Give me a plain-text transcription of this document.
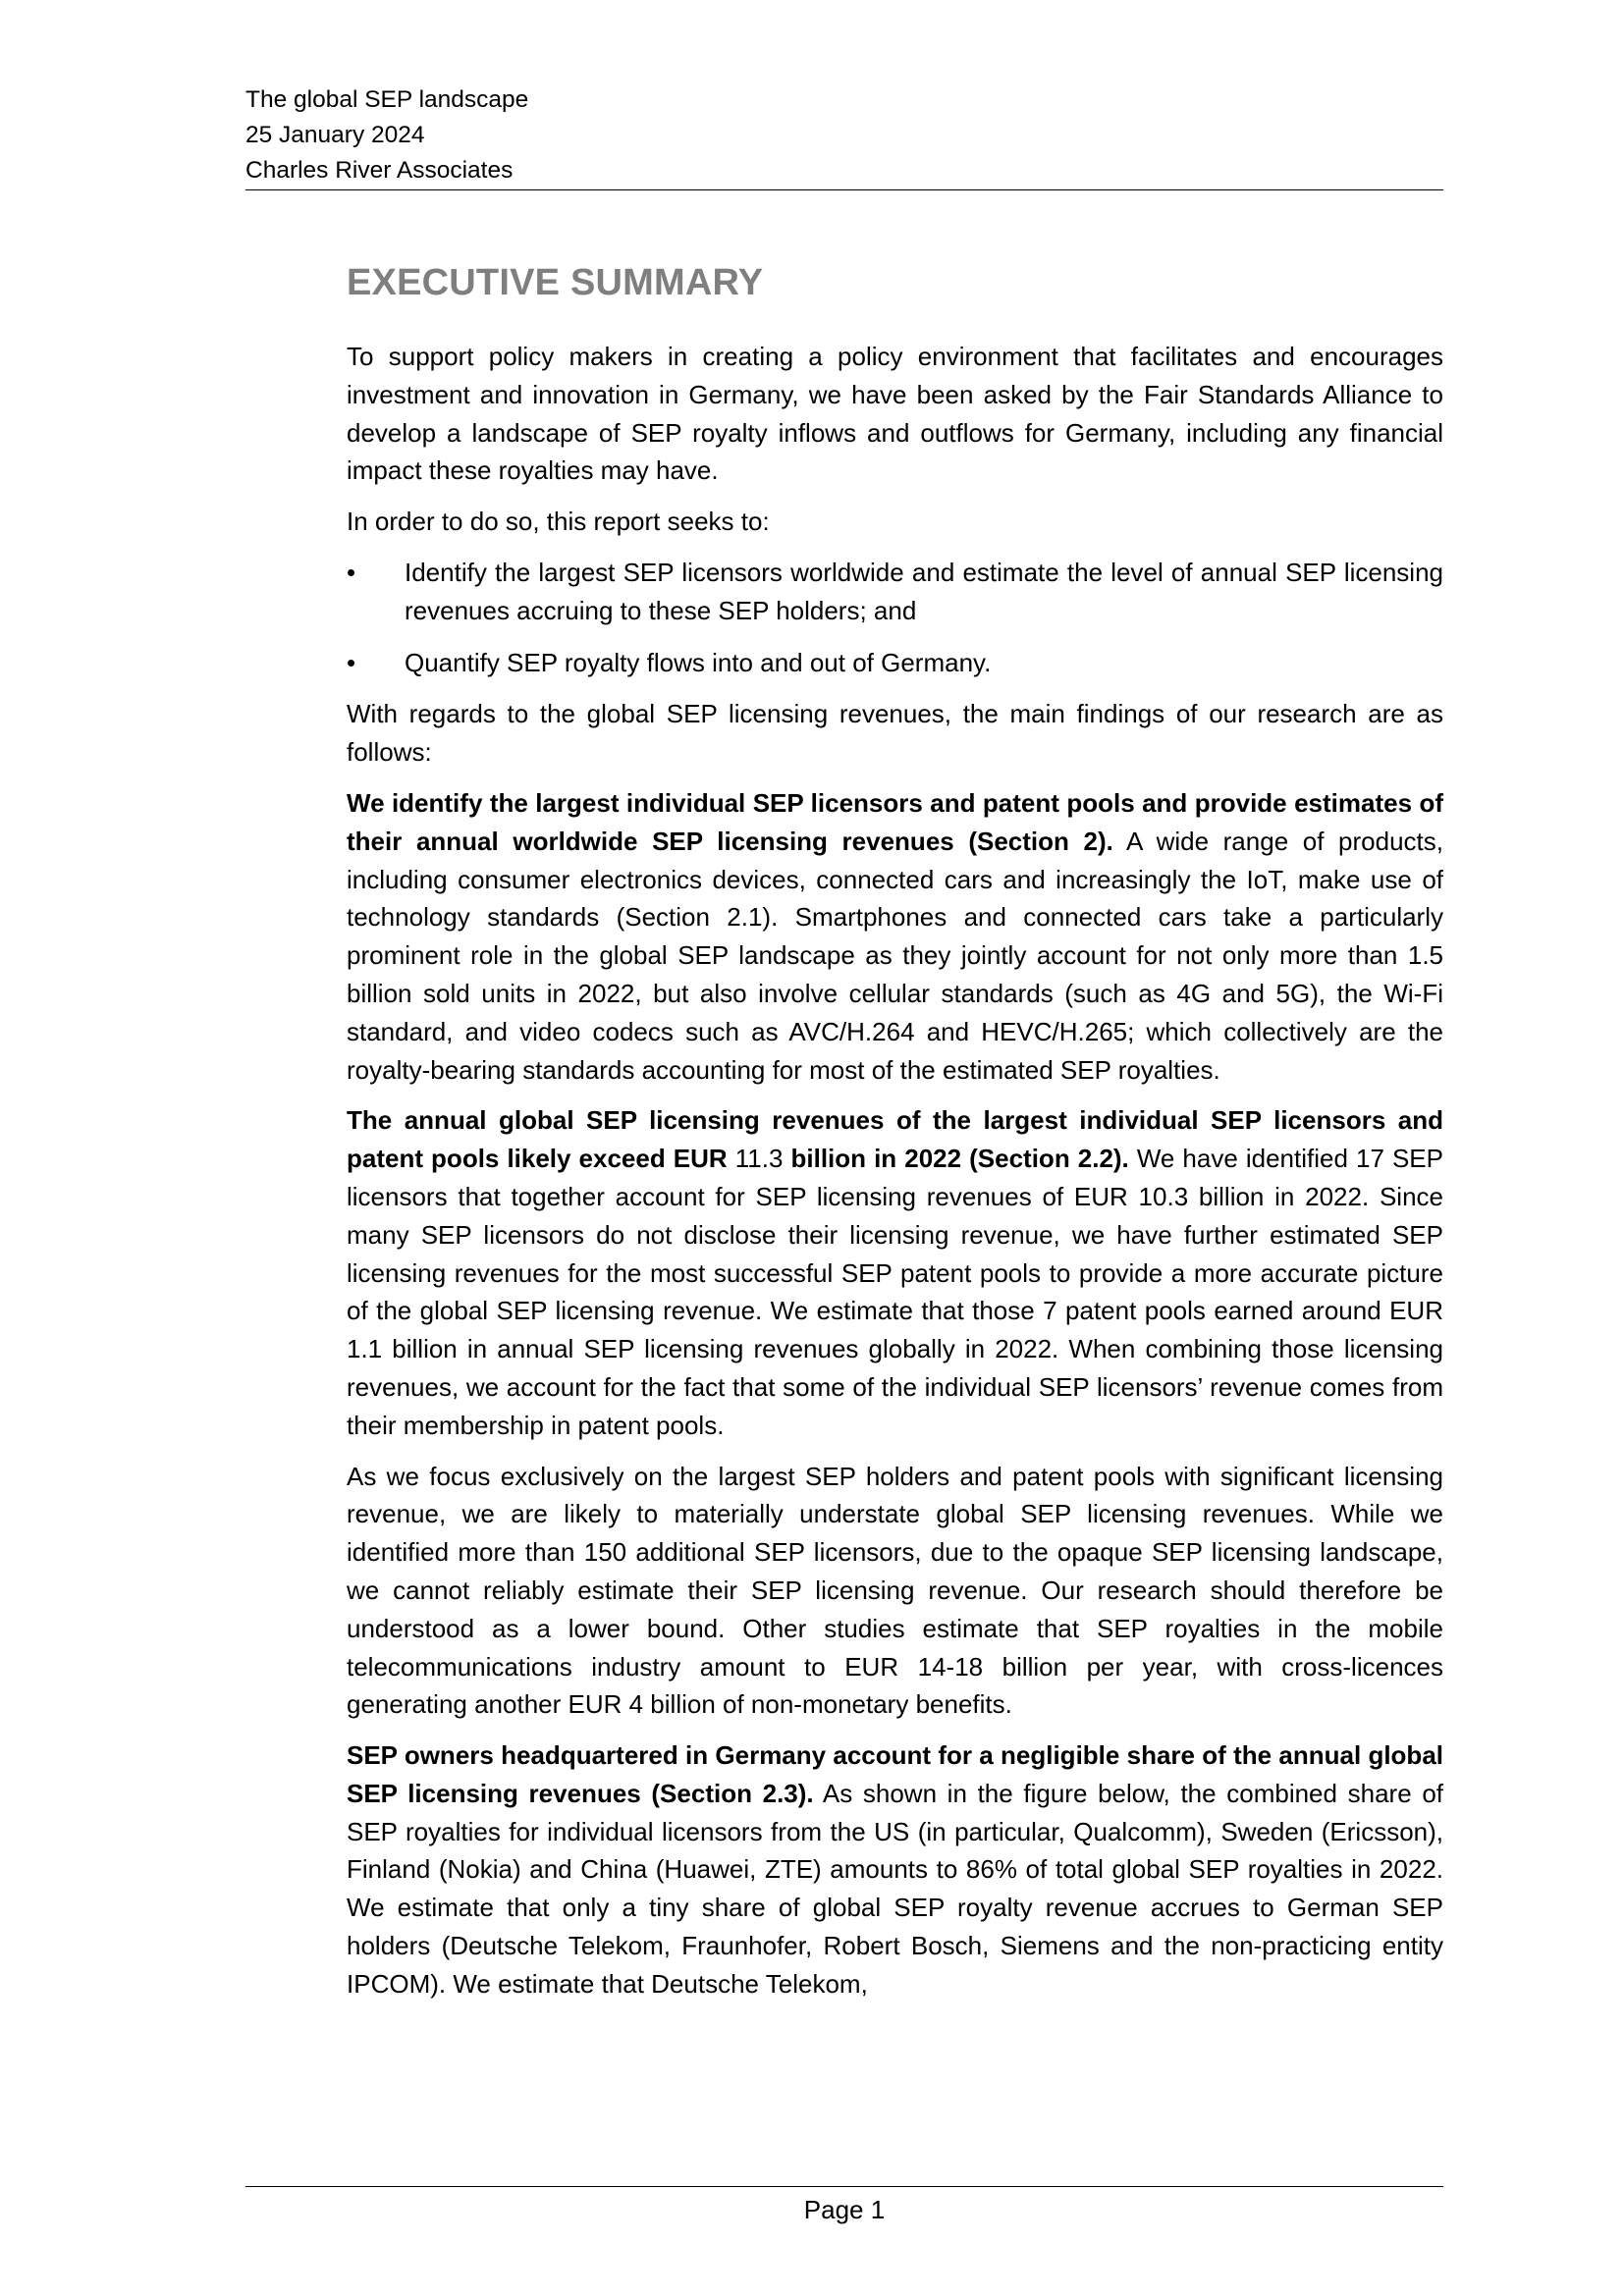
The global SEP landscape
25 January 2024
Charles River Associates
EXECUTIVE SUMMARY

To support policy makers in creating a policy environment that facilitates and encourages investment and innovation in Germany, we have been asked by the Fair Standards Alliance to develop a landscape of SEP royalty inflows and outflows for Germany, including any financial impact these royalties may have.

In order to do so, this report seeks to:

•	Identify the largest SEP licensors worldwide and estimate the level of annual SEP licensing revenues accruing to these SEP holders; and
•	Quantify SEP royalty flows into and out of Germany.

With regards to the global SEP licensing revenues, the main findings of our research are as follows:

We identify the largest individual SEP licensors and patent pools and provide estimates of their annual worldwide SEP licensing revenues (Section 2). A wide range of products, including consumer electronics devices, connected cars and increasingly the IoT, make use of technology standards (Section 2.1). Smartphones and connected cars take a particularly prominent role in the global SEP landscape as they jointly account for not only more than 1.5 billion sold units in 2022, but also involve cellular standards (such as 4G and 5G), the Wi-Fi standard, and video codecs such as AVC/H.264 and HEVC/H.265; which collectively are the royalty-bearing standards accounting for most of the estimated SEP royalties.

The annual global SEP licensing revenues of the largest individual SEP licensors and patent pools likely exceed EUR 11.3 billion in 2022 (Section 2.2). We have identified 17 SEP licensors that together account for SEP licensing revenues of EUR 10.3 billion in 2022. Since many SEP licensors do not disclose their licensing revenue, we have further estimated SEP licensing revenues for the most successful SEP patent pools to provide a more accurate picture of the global SEP licensing revenue. We estimate that those 7 patent pools earned around EUR 1.1 billion in annual SEP licensing revenues globally in 2022. When combining those licensing revenues, we account for the fact that some of the individual SEP licensors’ revenue comes from their membership in patent pools.

As we focus exclusively on the largest SEP holders and patent pools with significant licensing revenue, we are likely to materially understate global SEP licensing revenues. While we identified more than 150 additional SEP licensors, due to the opaque SEP licensing landscape, we cannot reliably estimate their SEP licensing revenue. Our research should therefore be understood as a lower bound. Other studies estimate that SEP royalties in the mobile telecommunications industry amount to EUR 14-18 billion per year, with cross-licences generating another EUR 4 billion of non-monetary benefits.

SEP owners headquartered in Germany account for a negligible share of the annual global SEP licensing revenues (Section 2.3). As shown in the figure below, the combined share of SEP royalties for individual licensors from the US (in particular, Qualcomm), Sweden (Ericsson), Finland (Nokia) and China (Huawei, ZTE) amounts to 86% of total global SEP royalties in 2022. We estimate that only a tiny share of global SEP royalty revenue accrues to German SEP holders (Deutsche Telekom, Fraunhofer, Robert Bosch, Siemens and the non-practicing entity IPCOM). We estimate that Deutsche Telekom,

Page 1
